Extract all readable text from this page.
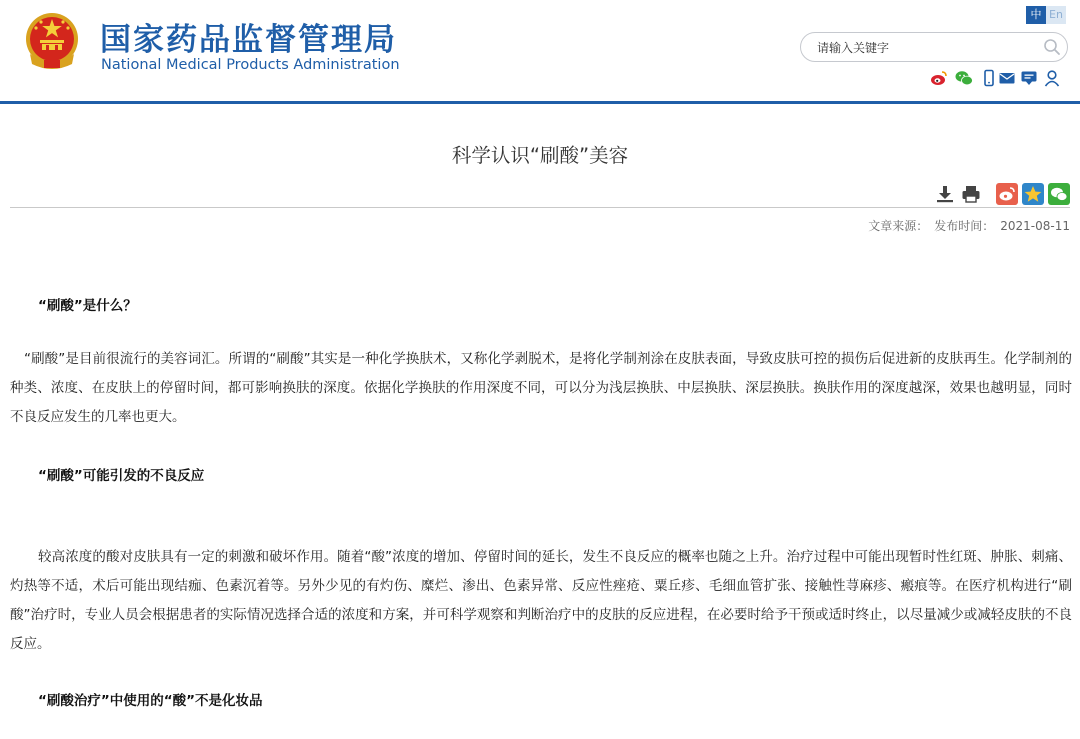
国家药品监督管理局
National Medical Products Administration
中 En
请输入关键字
科学认识“刷酸”美容
文章来源： 发布时间： 2021-08-11
“刷酸”是什么？
“刷酸”是目前很流行的美容词汇。所谓的“刷酸”其实是一种化学换肤术，又称化学剥脱术，是将化学制剂涂在皮肤表面，导致皮肤可控的损伤后促进新的皮肤再生。化学制剂的种类、浓度、在皮肤上的停留时间，都可影响换肤的深度。依据化学换肤的作用深度不同，可以分为浅层换肤、中层换肤、深层换肤。换肤作用的深度越深，效果也越明显，同时不良反应发生的几率也更大。
“刷酸”可能引发的不良反应
较高浓度的酸对皮肤具有一定的刺激和破坏作用。随着“酸”浓度的增加、停留时间的延长，发生不良反应的概率也随之上升。治疗过程中可能出现暂时性红斑、肿胀、刺痛、灼热等不适，术后可能出现结痂、色素沉着等。另外少见的有灼伤、糜烂、渗出、色素异常、反应性痤疮、粟丘疹、毛细血管扩张、接触性荨麻疹、瘢痕等。在医疗机构进行“刷酸”治疗时，专业人员会根据患者的实际情况选择合适的浓度和方案，并可科学观察和判断治疗中的皮肤的反应进程，在必要时给予干预或适时终止，以尽量减少或减轻皮肤的不良反应。
“刷酸治疗”中使用的“酸”不是化妆品
